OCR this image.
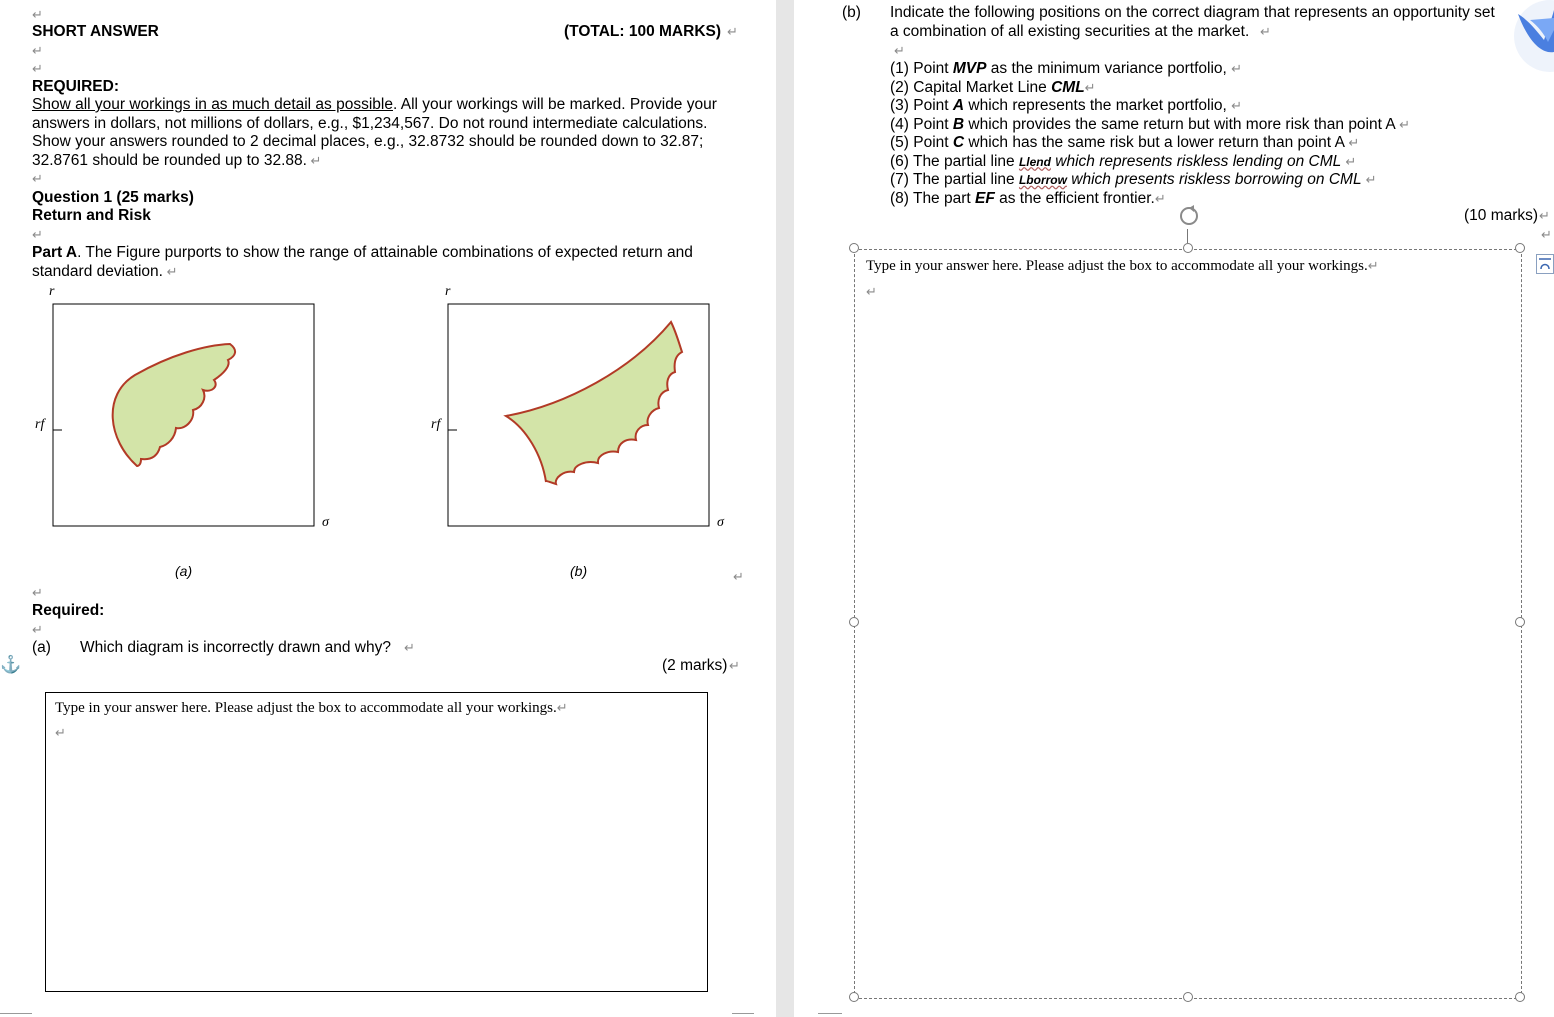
↵
SHORT ANSWER	(TOTAL: 100 MARKS) ↵
↵
↵
REQUIRED:
Show all your workings in as much detail as possible. All your workings will be marked. Provide your answers in dollars, not millions of dollars, e.g., $1,234,567. Do not round intermediate calculations. Show your answers rounded to 2 decimal places, e.g., 32.8732 should be rounded down to 32.87; 32.8761 should be rounded up to 32.88. ↵
↵
Question 1 (25 marks)
Return and Risk
↵
Part A. The Figure purports to show the range of attainable combinations of expected return and standard deviation. ↵
r
rf
σ
(a)
r
rf
σ
(b)	↵
↵
Required:
↵
(a) Which diagram is incorrectly drawn and why? ↵
(2 marks) ↵
⚓
Type in your answer here. Please adjust the box to accommodate all your workings.↵
↵
(b) Indicate the following positions on the correct diagram that represents an opportunity set
a combination of all existing securities at the market. ↵
↵
(1) Point MVP as the minimum variance portfolio, ↵
(2) Capital Market Line CML↵
(3) Point A which represents the market portfolio, ↵
(4) Point B which provides the same return but with more risk than point A ↵
(5) Point C which has the same risk but a lower return than point A ↵
(6) The partial line Llend which represents riskless lending on CML ↵
(7) The partial line Lborrow which presents riskless borrowing on CML ↵
(8) The part EF as the efficient frontier.↵
(10 marks) ↵
↵
Type in your answer here. Please adjust the box to accommodate all your workings.↵
↵
